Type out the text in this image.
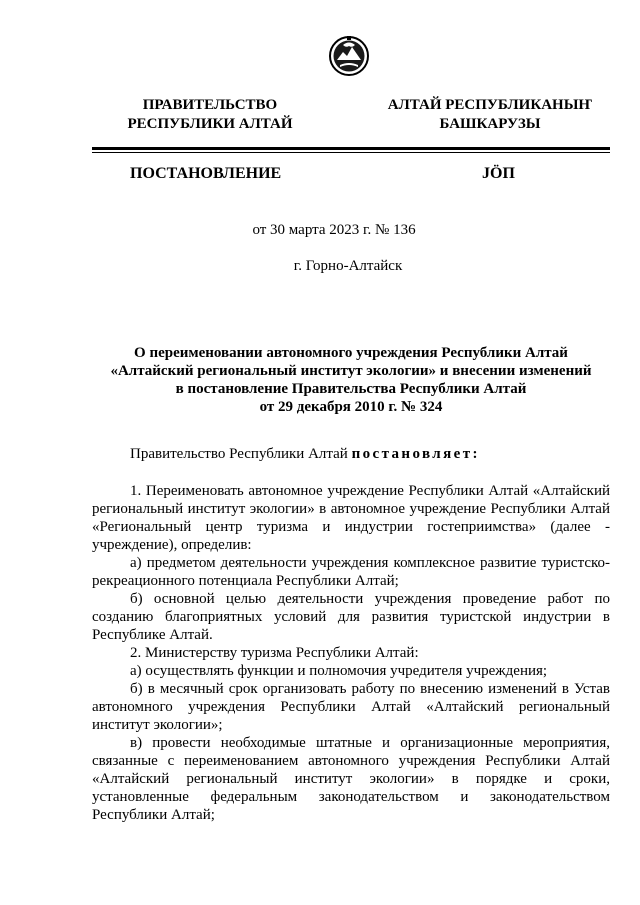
ПРАВИТЕЛЬСТВО
РЕСПУБЛИКИ АЛТАЙ
АЛТАЙ РЕСПУБЛИКАНЫҤ
БАШКАРУЗЫ
ПОСТАНОВЛЕНИЕ	JӦП
от 30 марта 2023 г. № 136
г. Горно-Алтайск
О переименовании автономного учреждения Республики Алтай
«Алтайский региональный институт экологии» и внесении изменений
в постановление Правительства Республики Алтай
от 29 декабря 2010 г. № 324
Правительство Республики Алтай постановляет:

1. Переименовать автономное учреждение Республики Алтай «Алтайский региональный институт экологии» в автономное учреждение Республики Алтай «Региональный центр туризма и индустрии гостеприимства» (далее - учреждение), определив:

а) предметом деятельности учреждения комплексное развитие туристско-рекреационного потенциала Республики Алтай;

б) основной целью деятельности учреждения проведение работ по созданию благоприятных условий для развития туристской индустрии в Республике Алтай.

2. Министерству туризма Республики Алтай:

а) осуществлять функции и полномочия учредителя учреждения;

б) в месячный срок организовать работу по внесению изменений в Устав автономного учреждения Республики Алтай «Алтайский региональный институт экологии»;

в) провести необходимые штатные и организационные мероприятия, связанные с переименованием автономного учреждения Республики Алтай «Алтайский региональный институт экологии» в порядке и сроки, установленные федеральным законодательством и законодательством Республики Алтай;
